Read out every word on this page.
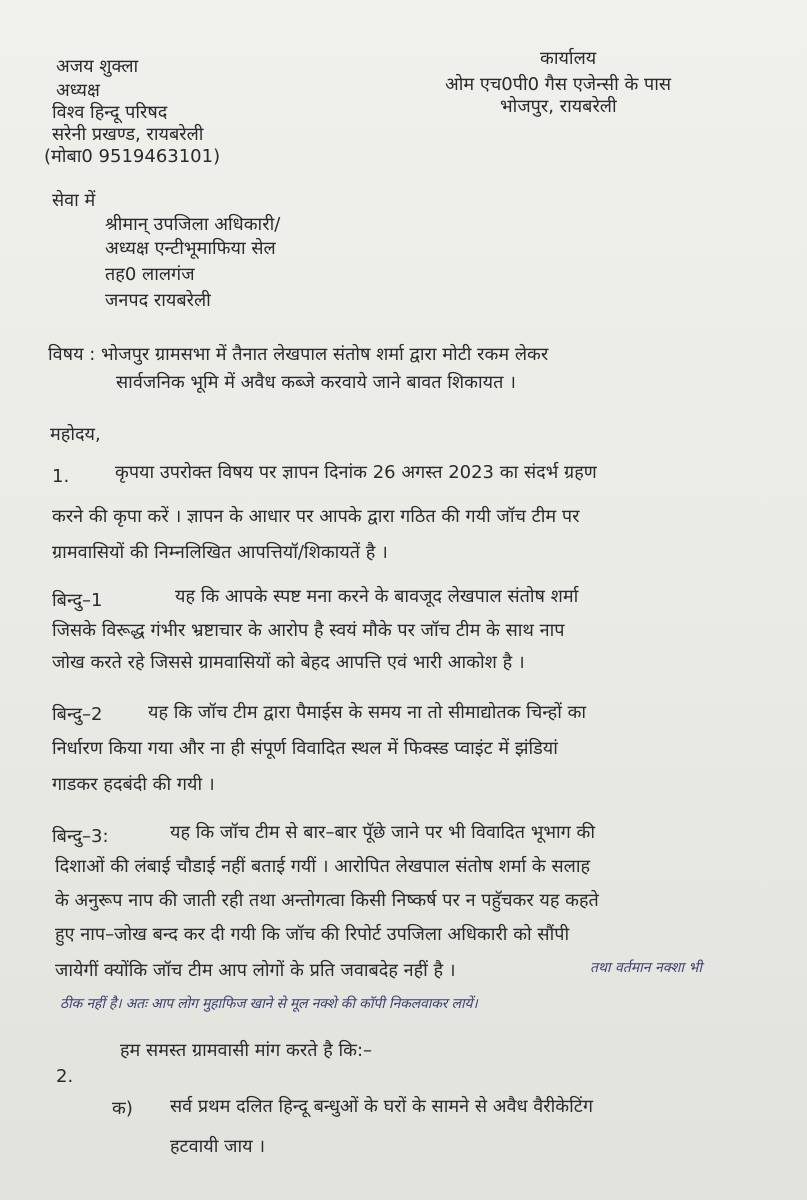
अजय शुक्ला
अध्यक्ष
विश्व हिन्दू परिषद
सरेनी प्रखण्ड, रायबरेली
(मोबा0 9519463101)
कार्यालय
ओम एच0पी0 गैस एजेन्सी के पास
भोजपुर, रायबरेली
सेवा में
श्रीमान् उपजिला अधिकारी/
अध्यक्ष एन्टीभूमाफिया सेल
तह0 लालगंज
जनपद रायबरेली
विषय : भोजपुर ग्रामसभा में तैनात लेखपाल संतोष शर्मा द्वारा मोटी रकम लेकर
सार्वजनिक भूमि में अवैध कब्जे करवाये जाने बावत शिकायत ।
महोदय,
1.	कृपया उपरोक्त विषय पर ज्ञापन दिनांक 26 अगस्त 2023 का संदर्भ ग्रहण
करने की कृपा करें । ज्ञापन के आधार पर आपके द्वारा गठित की गयी जॉच टीम पर
ग्रामवासियों की निम्नलिखित आपत्तियॉ/शिकायतें है ।
बिन्दु–1	यह कि आपके स्पष्ट मना करने के बावजूद लेखपाल संतोष शर्मा
जिसके विरूद्ध गंभीर भ्रष्टाचार के आरोप है स्वयं मौके पर जॉच टीम के साथ नाप
जोख करते रहे जिससे ग्रामवासियों को बेहद आपत्ति एवं भारी आकोश है ।
बिन्दु–2	यह कि जॉच टीम द्वारा पैमाईस के समय ना तो सीमाद्योतक चिन्हों का
निर्धारण किया गया और ना ही संपूर्ण विवादित स्थल में फिक्स्ड प्वाइंट में झंडियां
गाडकर हदबंदी की गयी ।
बिन्दु–3:	यह कि जॉच टीम से बार–बार पूॅछे जाने पर भी विवादित भूभाग की
दिशाओं की लंबाई चौडाई नहीं बताई गयीं । आरोपित लेखपाल संतोष शर्मा के सलाह
के अनुरूप नाप की जाती रही तथा अन्तोगत्वा किसी निष्कर्ष पर न पहुॅचकर यह कहते
हुए नाप–जोख बन्द कर दी गयी कि जॉच की रिपोर्ट उपजिला अधिकारी को सौंपी
जायेगीं क्योंकि जॉच टीम आप लोगों के प्रति जवाबदेह नहीं है ।	तथा वर्तमान नक्शा भी
ठीक नहीं है। अतः आप लोग मुहाफिज खाने से मूल नक्शे की कॉपी निकलवाकर लायें।
2.
हम समस्त ग्रामवासी मांग करते है कि:–
क) सर्व प्रथम दलित हिन्दू बन्धुओं के घरों के सामने से अवैध वैरीकेटिंग
हटवायी जाय ।
